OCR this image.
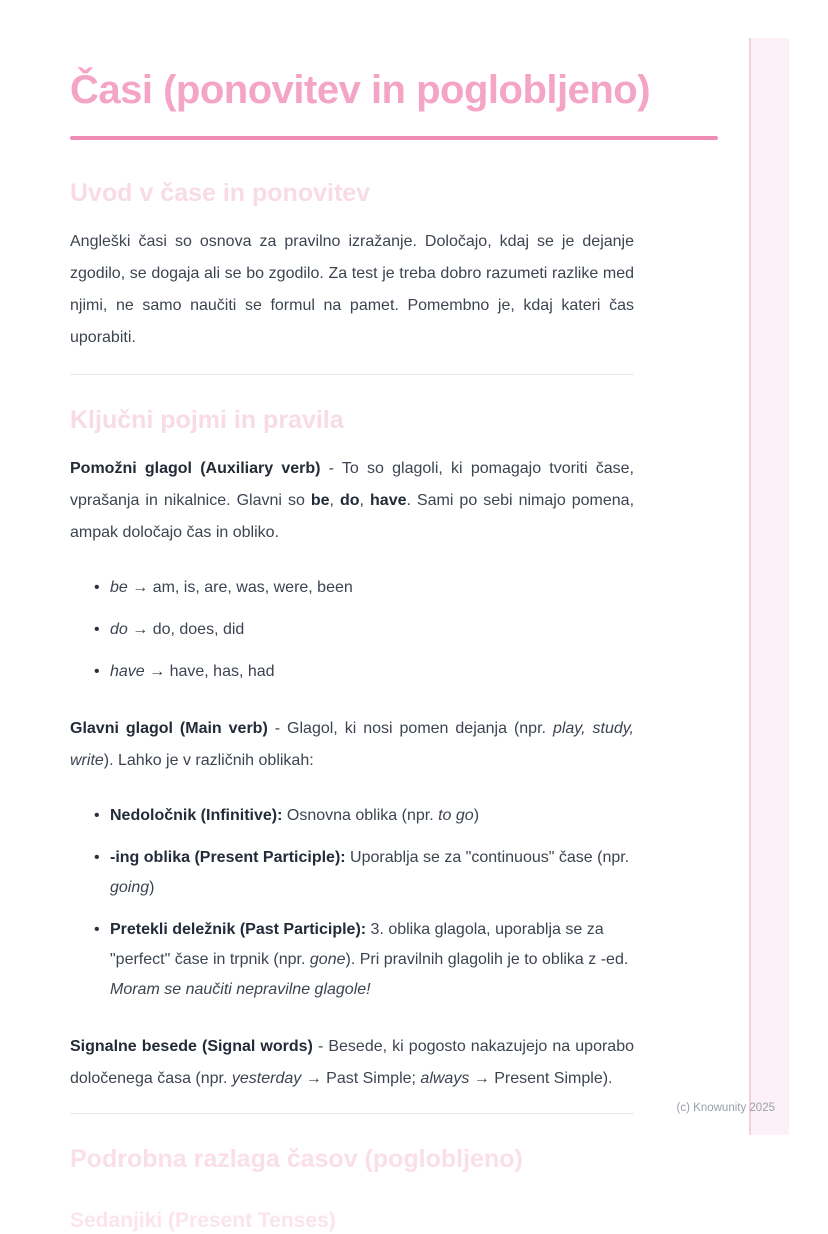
Časi (ponovitev in poglobljeno)
Uvod v čase in ponovitev

Angleški časi so osnova za pravilno izražanje. Določajo, kdaj se je dejanje zgodilo, se dogaja ali se bo zgodilo. Za test je treba dobro razumeti razlike med njimi, ne samo naučiti se formul na pamet. Pomembno je, kdaj kateri čas uporabiti.

Ključni pojmi in pravila

Pomožni glagol (Auxiliary verb) - To so glagoli, ki pomagajo tvoriti čase, vprašanja in nikalnice. Glavni so be, do, have. Sami po sebi nimajo pomena, ampak določajo čas in obliko.

• be → am, is, are, was, were, been
• do → do, does, did
• have → have, has, had

Glavni glagol (Main verb) - Glagol, ki nosi pomen dejanja (npr. play, study, write). Lahko je v različnih oblikah:

• Nedoločnik (Infinitive): Osnovna oblika (npr. to go)
• -ing oblika (Present Participle): Uporablja se za "continuous" čase (npr. going)
• Pretekli deležnik (Past Participle): 3. oblika glagola, uporablja se za "perfect" čase in trpnik (npr. gone). Pri pravilnih glagolih je to oblika z -ed. Moram se naučiti nepravilne glagole!

Signalne besede (Signal words) - Besede, ki pogosto nakazujejo na uporabo določenega časa (npr. yesterday → Past Simple; always → Present Simple).

Podrobna razlaga časov (poglobljeno)
Sedanjiki (Present Tenses)
(c) Knowunity 2025
